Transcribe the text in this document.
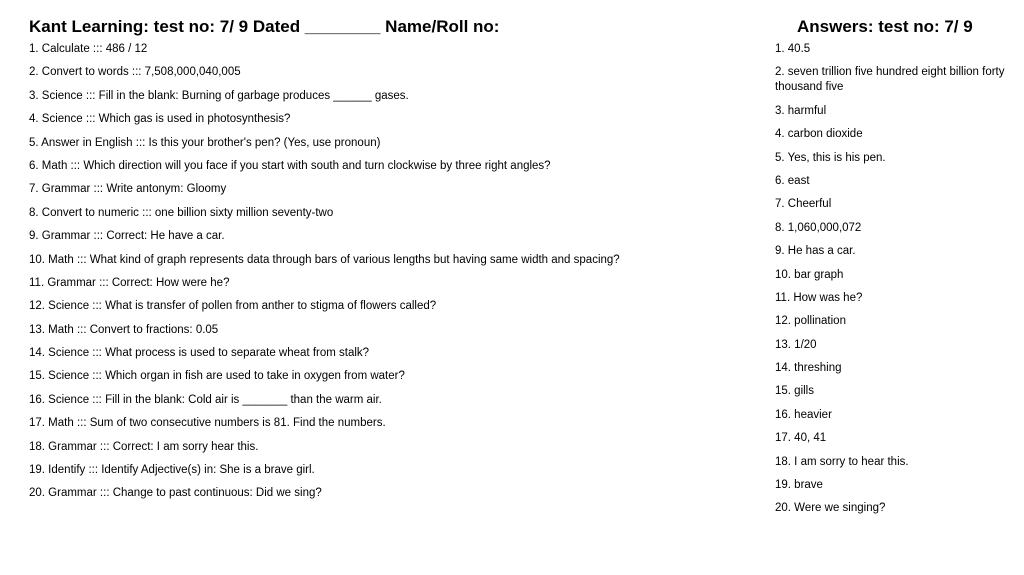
Kant Learning: test no: 7/ 9 Dated ________ Name/Roll no:	Answers: test no: 7/ 9
1. Calculate ::: 486 / 12
2. Convert to words ::: 7,508,000,040,005
3. Science ::: Fill in the blank: Burning of garbage produces ______ gases.
4. Science ::: Which gas is used in photosynthesis?
5. Answer in English ::: Is this your brother's pen? (Yes, use pronoun)
6. Math ::: Which direction will you face if you start with south and turn clockwise by three right angles?
7. Grammar ::: Write antonym: Gloomy
8. Convert to numeric ::: one billion sixty million seventy-two
9. Grammar ::: Correct: He have a car.
10. Math ::: What kind of graph represents data through bars of various lengths but having same width and spacing?
11. Grammar ::: Correct: How were he?
12. Science ::: What is transfer of pollen from anther to stigma of flowers called?
13. Math ::: Convert to fractions: 0.05
14. Science ::: What process is used to separate wheat from stalk?
15. Science ::: Which organ in fish are used to take in oxygen from water?
16. Science ::: Fill in the blank: Cold air is _______ than the warm air.
17. Math ::: Sum of two consecutive numbers is 81. Find the numbers.
18. Grammar ::: Correct: I am sorry hear this.
19. Identify ::: Identify Adjective(s) in: She is a brave girl.
20. Grammar ::: Change to past continuous: Did we sing?
1. 40.5
2. seven trillion five hundred eight billion forty thousand five
3. harmful
4. carbon dioxide
5. Yes, this is his pen.
6. east
7. Cheerful
8. 1,060,000,072
9. He has a car.
10. bar graph
11. How was he?
12. pollination
13. 1/20
14. threshing
15. gills
16. heavier
17. 40, 41
18. I am sorry to hear this.
19. brave
20. Were we singing?
